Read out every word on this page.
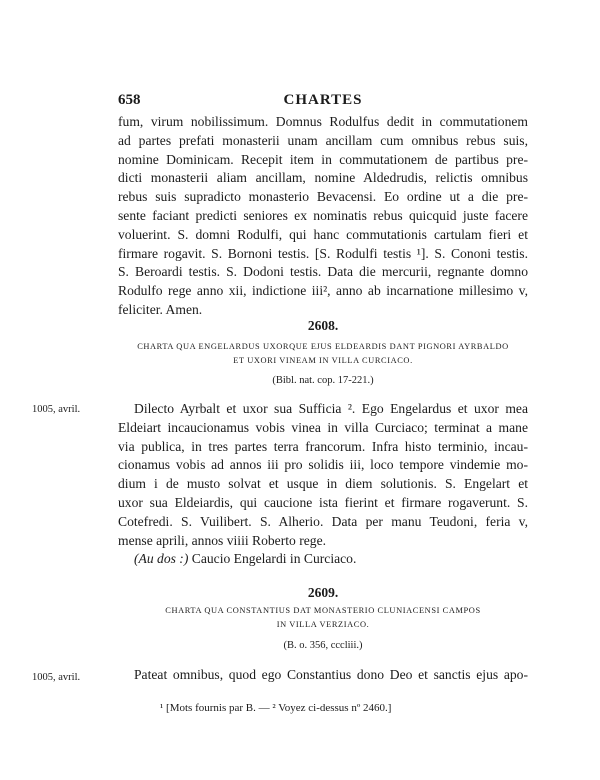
658	CHARTES
fum, virum nobilissimum. Domnus Rodulfus dedit in commutationem
ad partes prefati monasterii unam ancillam cum omnibus rebus suis,
nomine Dominicam. Recepit item in commutationem de partibus pre-
dicti monasterii aliam ancillam, nomine Aldedrudis, relictis omnibus
rebus suis supradicto monasterio Bevacensi. Eo ordine ut a die pre-
sente faciant predicti seniores ex nominatis rebus quicquid juste facere
voluerint. S. domni Rodulfi, qui hanc commutationis cartulam fieri et
firmare rogavit. S. Bornoni testis. [S. Rodulfi testis ¹]. S. Cononi testis.
S. Beroardi testis. S. Dodoni testis. Data die mercurii, regnante domno
Rodulfo rege anno xii, indictione iii², anno ab incarnatione millesimo v,
feliciter. Amen.
2608.
CHARTA QUA ENGELARDUS UXORQUE EJUS ELDEARDIS DANT PIGNORI AYRBALDO
ET UXORI VINEAM IN VILLA CURCIACO.
(Bibl. nat. cop. 17-221.)
1005, avril.	Dilecto Ayrbalt et uxor sua Sufficia ². Ego Engelardus et uxor mea
Eldeiart incaucionamus vobis vinea in villa Curciaco; terminat a mane
via publica, in tres partes terra francorum. Infra histo terminio, incau-
cionamus vobis ad annos iii pro solidis iii, loco tempore vindemie mo-
dium i de musto solvat et usque in diem solutionis. S. Engelart et
uxor sua Eldeiardis, qui caucione ista fierint et firmare rogaverunt. S.
Cotefredi. S. Vuilibert. S. Alherio. Data per manu Teudoni, feria v,
mense aprili, annos viiii Roberto rege.
(Au dos :) Caucio Engelardi in Curciaco.
2609.
CHARTA QUA CONSTANTIUS DAT MONASTERIO CLUNIACENSI CAMPOS
IN VILLA VERZIACO.
(B. o. 356, cccliii.)
1005, avril.	Pateat omnibus, quod ego Constantius dono Deo et sanctis ejus apo-
¹ [Mots fournis par B. — ² Voyez ci-dessus nº 2460.]
